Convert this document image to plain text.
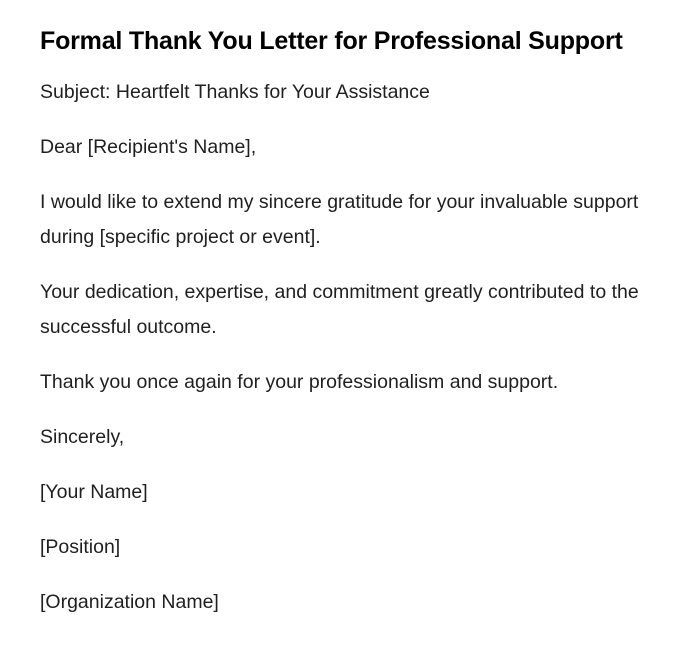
Formal Thank You Letter for Professional Support

Subject: Heartfelt Thanks for Your Assistance

Dear [Recipient's Name],

I would like to extend my sincere gratitude for your invaluable support during [specific project or event].

Your dedication, expertise, and commitment greatly contributed to the successful outcome.

Thank you once again for your professionalism and support.

Sincerely,

[Your Name]

[Position]

[Organization Name]
